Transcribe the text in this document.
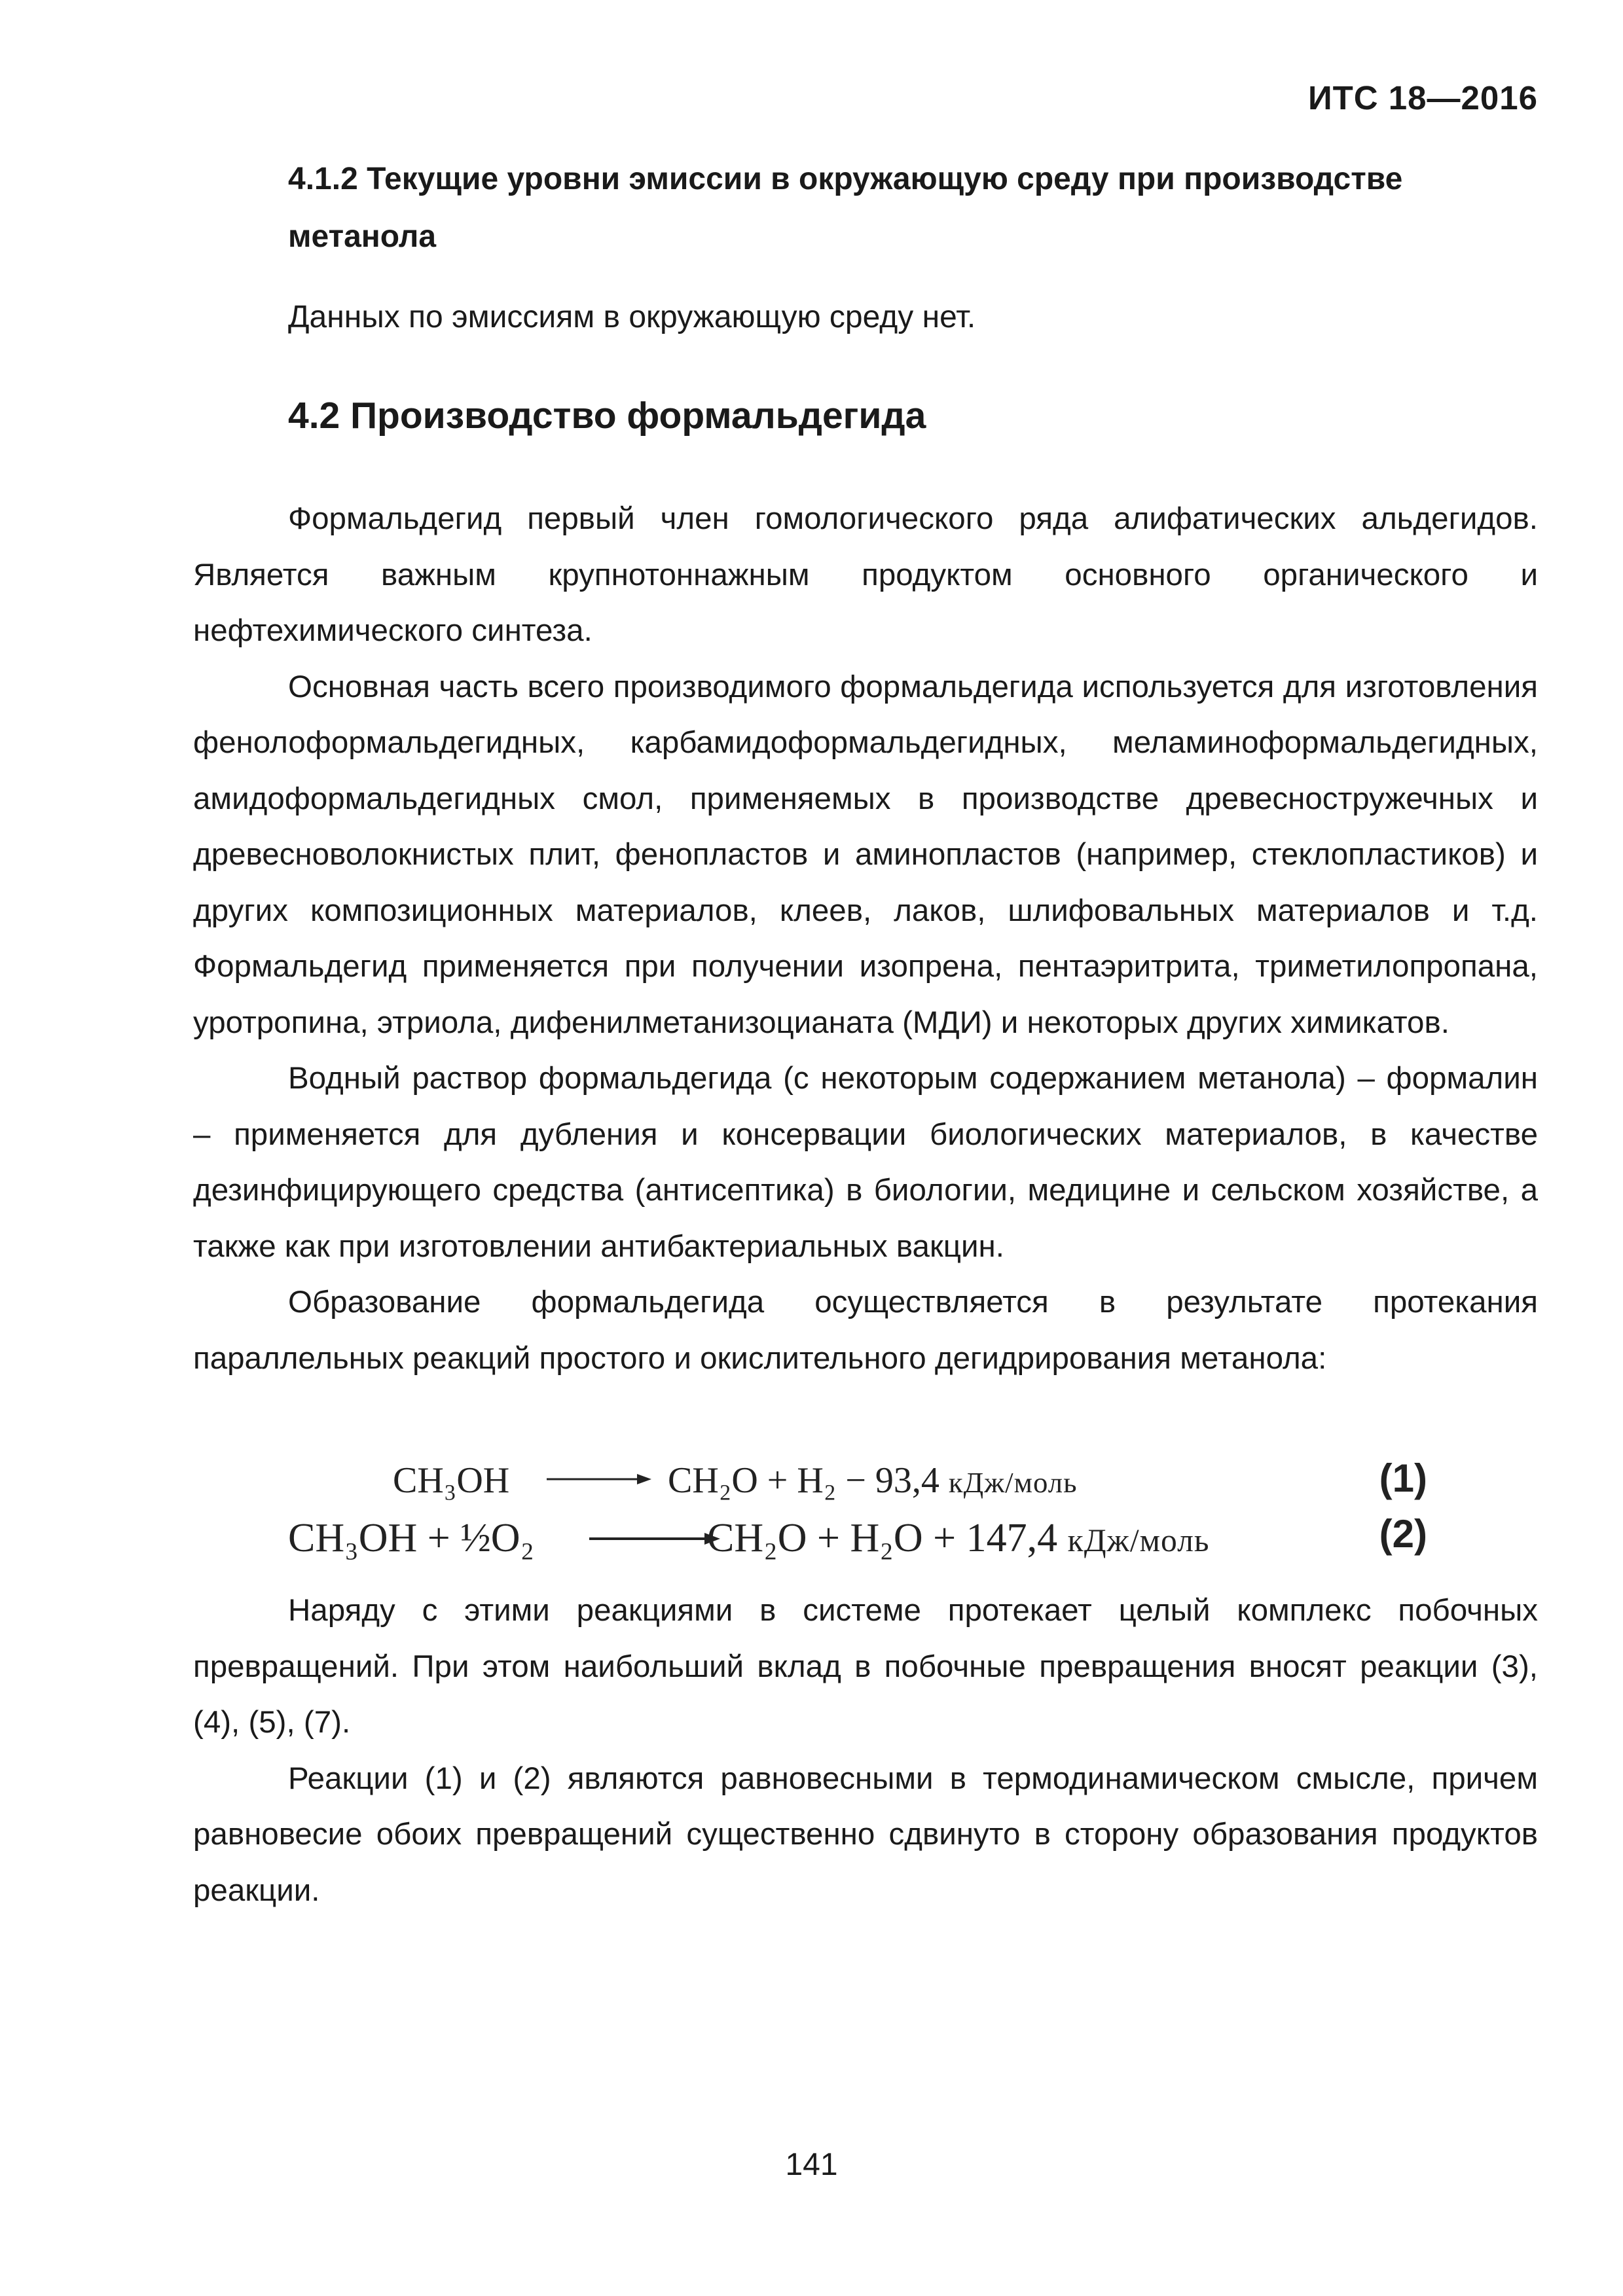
ИТС 18—2016
4.1.2 Текущие уровни эмиссии в окружающую среду при производстве метанола
Данных по эмиссиям в окружающую среду нет.
4.2 Производство формальдегида

Формальдегид первый член гомологического ряда алифатических альдегидов. Является важным крупнотоннажным продуктом основного органического и нефтехимического синтеза.

Основная часть всего производимого формальдегида используется для изготовления фенолоформальдегидных, карбамидоформальдегидных, меламиноформальдегидных, амидоформальдегидных смол, применяемых в производстве древесностружечных и древесноволокнистых плит, фенопластов и аминопластов (например, стеклопластиков) и других композиционных материалов, клеев, лаков, шлифовальных материалов и т.д. Формальдегид применяется при получении изопрена, пентаэритрита, триметилопропана, уротропина, этриола, дифенилметанизоцианата (МДИ) и некоторых других химикатов.

Водный раствор формальдегида (с некоторым содержанием метанола) – формалин – применяется для дубления и консервации биологических материалов, в качестве дезинфицирующего средства (антисептика) в биологии, медицине и сельском хозяйстве, а также как при изготовлении антибактериальных вакцин.

Образование формальдегида осуществляется в результате протекания параллельных реакций простого и окислительного дегидрирования метанола:

CH₃OH → CH₂O + H₂ − 93,4 кДж/моль	(1)
CH₃OH + ½O₂ →
CH₂O + H₂O + 147,4 кДж/моль	(2)

Наряду с этими реакциями в системе протекает целый комплекс побочных превращений. При этом наибольший вклад в побочные превращения вносят реакции (3), (4), (5), (7).

Реакции (1) и (2) являются равновесными в термодинамическом смысле, причем равновесие обоих превращений существенно сдвинуто в сторону образования продуктов реакции.

141
